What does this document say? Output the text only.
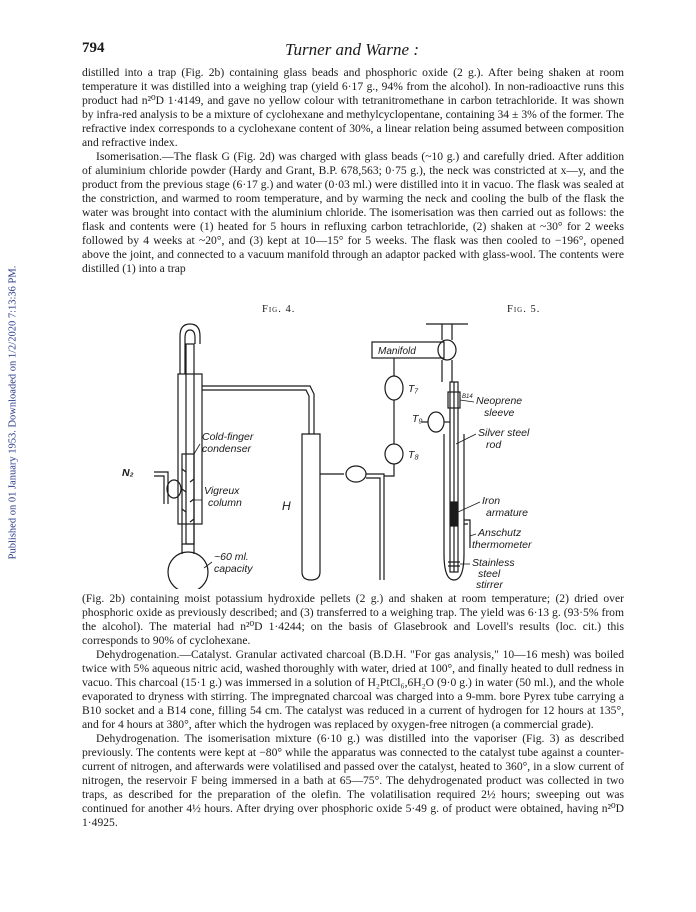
Published on 01 January 1953. Downloaded on 1/2/2020 7:13:36 PM.
794	Turner and Warne :

distilled into a trap (Fig. 2b) containing glass beads and phosphoric oxide (2 g.). After being shaken at room temperature it was distilled into a weighing trap (yield 6·17 g., 94% from the alcohol). In non-radioactive runs this product had n²⁰D 1·4149, and gave no yellow colour with tetranitromethane in carbon tetrachloride. It was shown by infra-red analysis to be a mixture of cyclohexane and methylcyclopentane, containing 34 ± 3% of the former. The refractive index corresponds to a cyclohexane content of 30%, a linear relation being assumed between composition and refractive index.

Isomerisation.—The flask G (Fig. 2d) was charged with glass beads (~10 g.) and carefully dried. After addition of aluminium chloride powder (Hardy and Grant, B.P. 678,563; 0·75 g.), the neck was constricted at x—y, and the product from the previous stage (6·17 g.) and water (0·03 ml.) were distilled into it in vacuo. The flask was sealed at the constriction, and warmed to room temperature, and by warming the neck and cooling the bulb of the flask the water was brought into contact with the aluminium chloride. The isomerisation was then carried out as follows: the flask and contents were (1) heated for 5 hours in refluxing carbon tetrachloride, (2) shaken at ~30° for 2 weeks followed by 4 weeks at ~20°, and (3) kept at 10—15° for 5 weeks. The flask was then cooled to −196°, opened above the joint, and connected to a vacuum manifold through an adaptor packed with glass-wool. The contents were distilled (1) into a trap

Fig. 4.	Fig. 5.
N₂
Cold-finger
condenser
Vigreux
column
~60 ml.
capacity
H
Manifold
T₇
T₈
T₉
B14 Neoprene
sleeve
Silver steel
rod
Iron
armature
Anschutz
thermometer
Stainless
steel
stirrer

(Fig. 2b) containing moist potassium hydroxide pellets (2 g.) and shaken at room temperature; (2) dried over phosphoric oxide as previously described; and (3) transferred to a weighing trap. The yield was 6·13 g. (93·5% from the alcohol). The material had n²⁰D 1·4244; on the basis of Glasebrook and Lovell's results (loc. cit.) this corresponds to 90% of cyclohexane.

Dehydrogenation.—Catalyst. Granular activated charcoal (B.D.H. "For gas analysis," 10—16 mesh) was boiled twice with 5% aqueous nitric acid, washed thoroughly with water, dried at 100°, and finally heated to dull redness in vacuo. This charcoal (15·1 g.) was immersed in a solution of H₂PtCl₆,6H₂O (9·0 g.) in water (50 ml.), and the whole evaporated to dryness with stirring. The impregnated charcoal was charged into a 9-mm. bore Pyrex tube carrying a B10 socket and a B14 cone, filling 54 cm. The catalyst was reduced in a current of hydrogen for 12 hours at 135°, and for 4 hours at 380°, after which the hydrogen was replaced by oxygen-free nitrogen (a commercial grade).

Dehydrogenation. The isomerisation mixture (6·10 g.) was distilled into the vaporiser (Fig. 3) as described previously. The contents were kept at −80° while the apparatus was connected to the catalyst tube against a counter-current of nitrogen, and afterwards were volatilised and passed over the catalyst, heated to 360°, in a slow current of nitrogen, the reservoir F being immersed in a bath at 65—75°. The dehydrogenated product was collected in two traps, as described for the preparation of the olefin. The volatilisation required 2½ hours; sweeping out was continued for another 4½ hours. After drying over phosphoric oxide 5·49 g. of product were obtained, having n²⁰D 1·4925.
